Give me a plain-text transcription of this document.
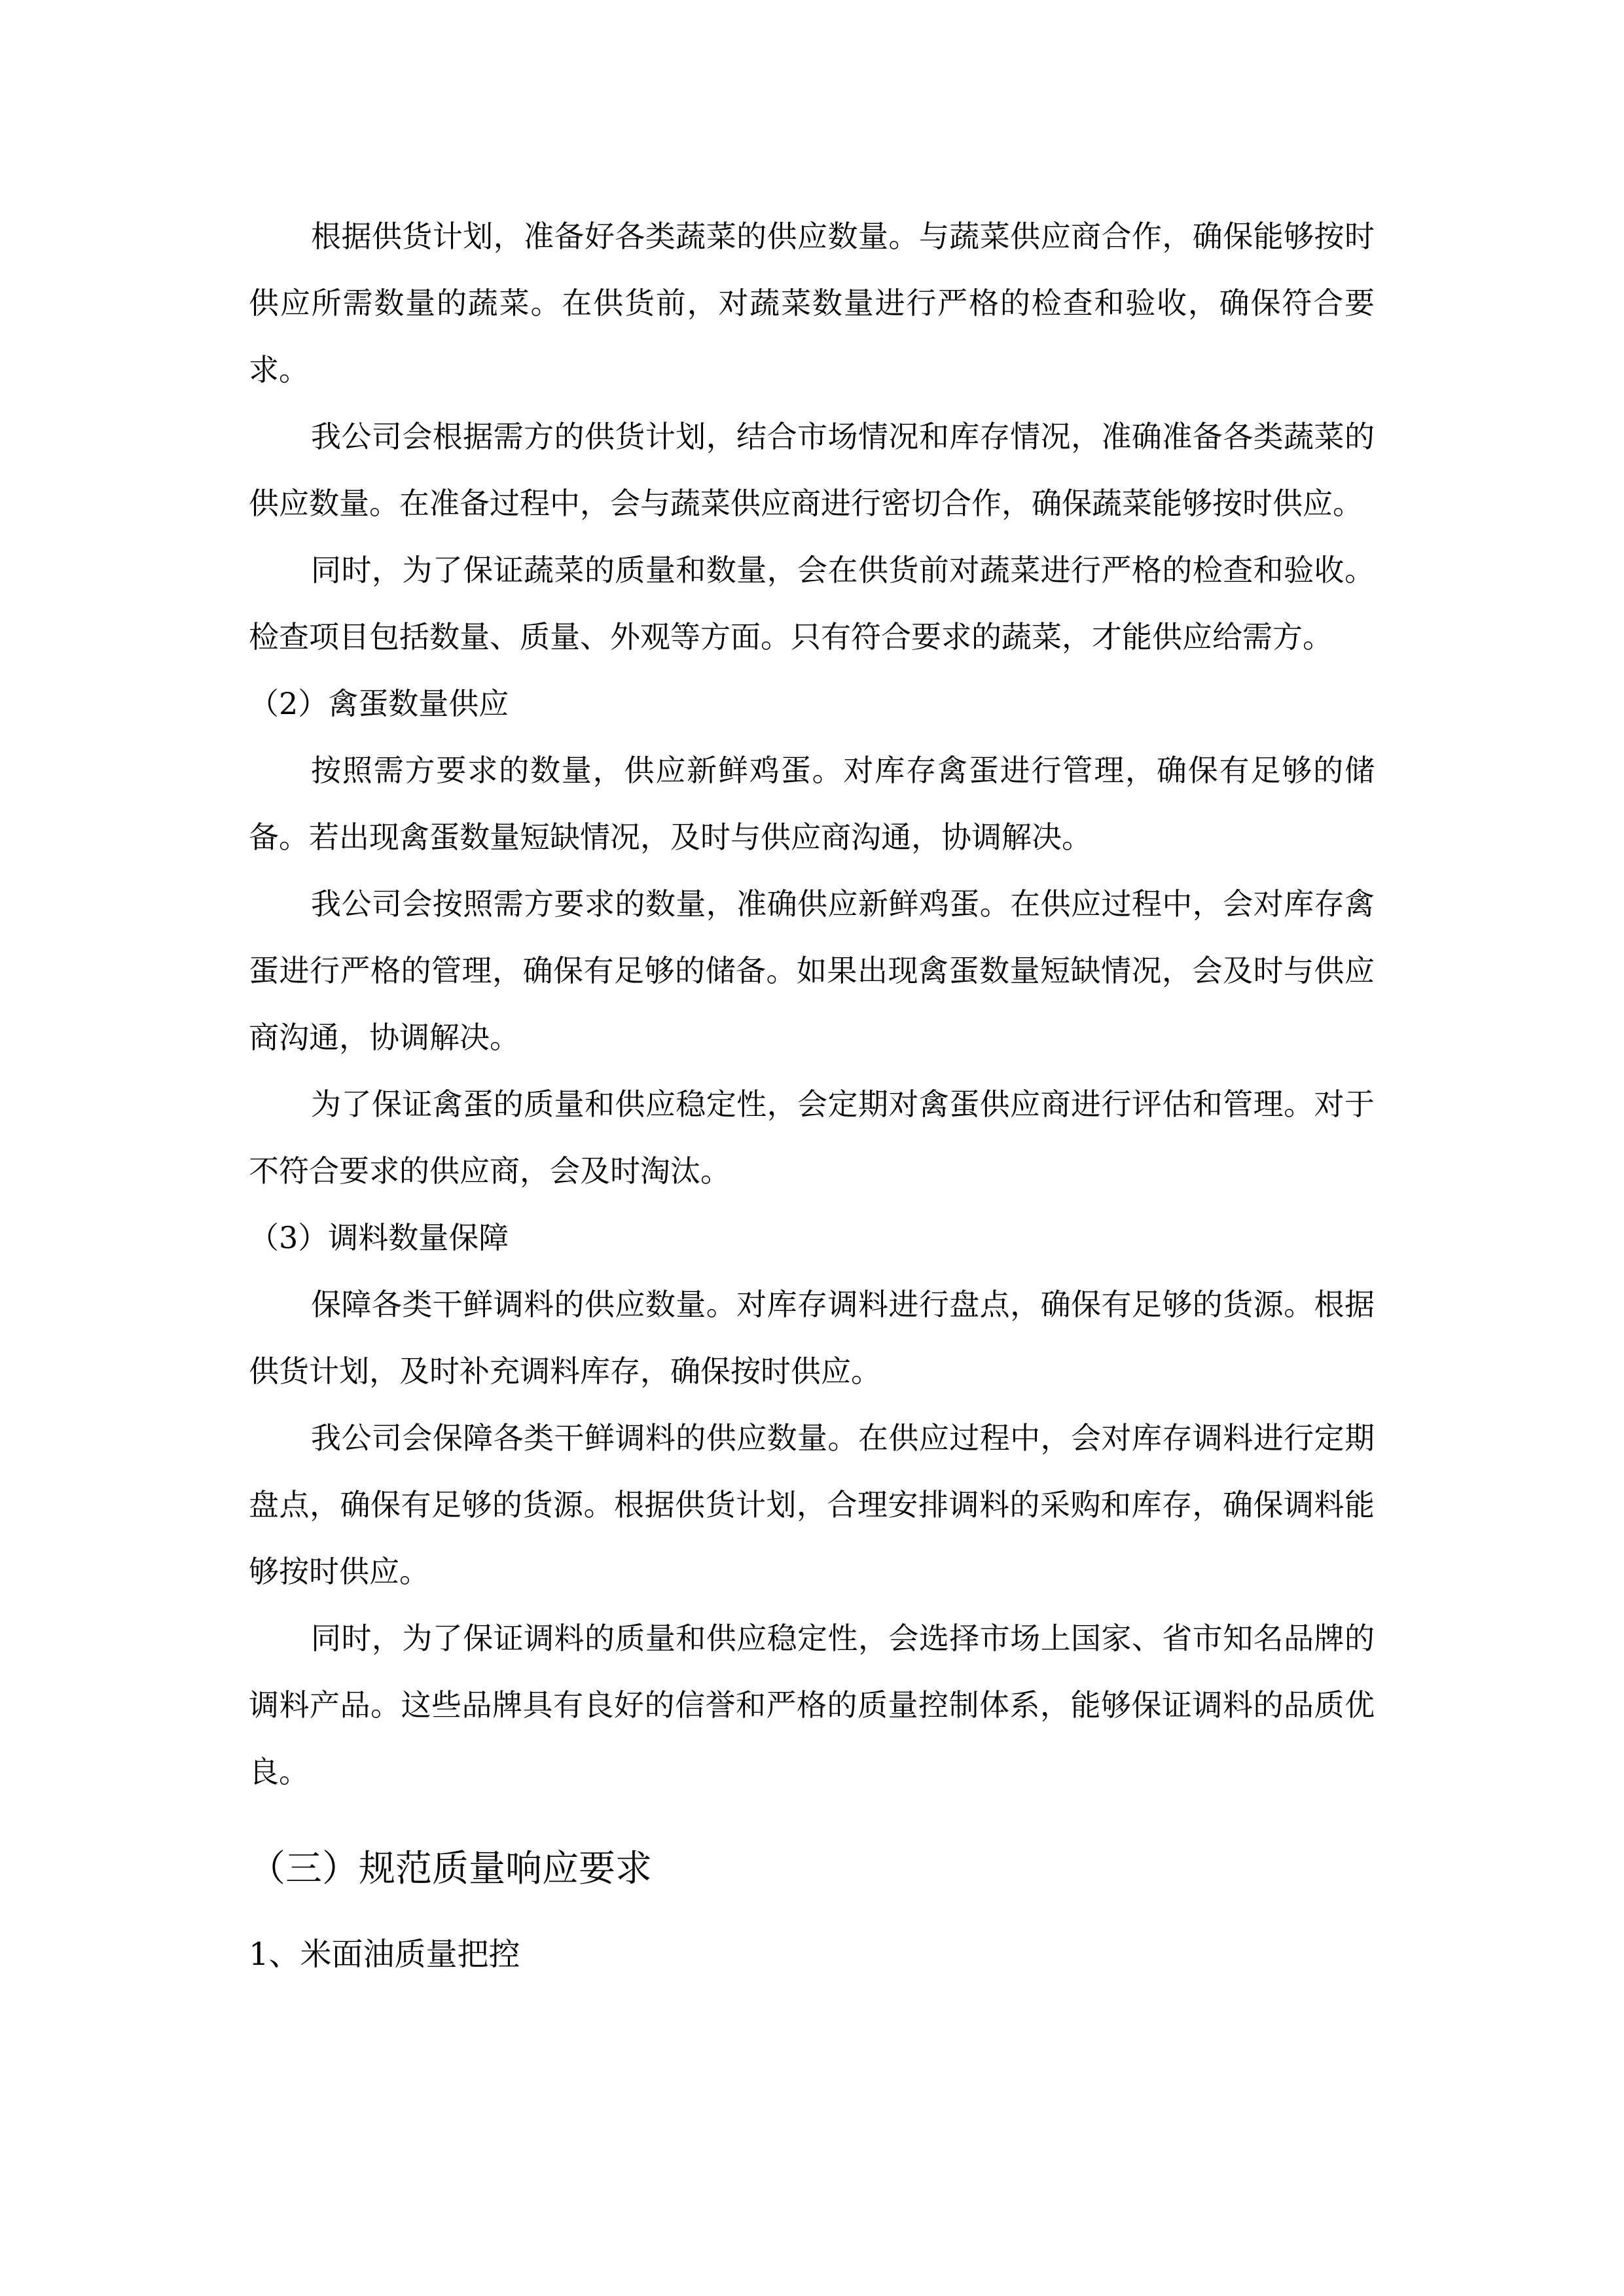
根据供货计划，准备好各类蔬菜的供应数量。与蔬菜供应商合作，确保能够按时供应所需数量的蔬菜。在供货前，对蔬菜数量进行严格的检查和验收，确保符合要求。

我公司会根据需方的供货计划，结合市场情况和库存情况，准确准备各类蔬菜的供应数量。在准备过程中，会与蔬菜供应商进行密切合作，确保蔬菜能够按时供应。

同时，为了保证蔬菜的质量和数量，会在供货前对蔬菜进行严格的检查和验收。检查项目包括数量、质量、外观等方面。只有符合要求的蔬菜，才能供应给需方。

（2）禽蛋数量供应

按照需方要求的数量，供应新鲜鸡蛋。对库存禽蛋进行管理，确保有足够的储备。若出现禽蛋数量短缺情况，及时与供应商沟通，协调解决。

我公司会按照需方要求的数量，准确供应新鲜鸡蛋。在供应过程中，会对库存禽蛋进行严格的管理，确保有足够的储备。如果出现禽蛋数量短缺情况，会及时与供应商沟通，协调解决。

为了保证禽蛋的质量和供应稳定性，会定期对禽蛋供应商进行评估和管理。对于不符合要求的供应商，会及时淘汰。

（3）调料数量保障

保障各类干鲜调料的供应数量。对库存调料进行盘点，确保有足够的货源。根据供货计划，及时补充调料库存，确保按时供应。

我公司会保障各类干鲜调料的供应数量。在供应过程中，会对库存调料进行定期盘点，确保有足够的货源。根据供货计划，合理安排调料的采购和库存，确保调料能够按时供应。

同时，为了保证调料的质量和供应稳定性，会选择市场上国家、省市知名品牌的调料产品。这些品牌具有良好的信誉和严格的质量控制体系，能够保证调料的品质优良。

（三）规范质量响应要求

1、米面油质量把控
